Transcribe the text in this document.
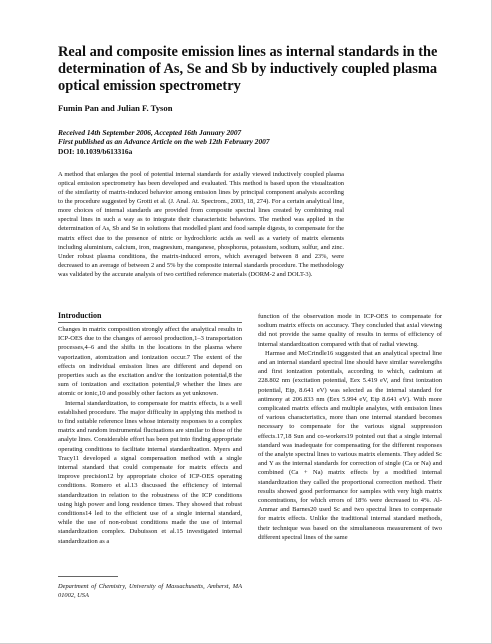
Real and composite emission lines as internal standards in the determination of As, Se and Sb by inductively coupled plasma optical emission spectrometry
Fumin Pan and Julian F. Tyson
Received 14th September 2006, Accepted 16th January 2007
First published as an Advance Article on the web 12th February 2007
DOI: 10.1039/b613316a

A method that enlarges the pool of potential internal standards for axially viewed inductively coupled plasma optical emission spectrometry has been developed and evaluated. This method is based upon the visualization of the similarity of matrix-induced behavior among emission lines by principal component analysis according to the procedure suggested by Grotti et al. (J. Anal. At. Spectrom., 2003, 18, 274). For a certain analytical line, more choices of internal standards are provided from composite spectral lines created by combining real spectral lines in such a way as to integrate their characteristic behaviors. The method was applied in the determination of As, Sb and Se in solutions that modelled plant and food sample digests, to compensate for the matrix effect due to the presence of nitric or hydrochloric acids as well as a variety of matrix elements including aluminium, calcium, iron, magnesium, manganese, phosphorus, potassium, sodium, sulfur, and zinc. Under robust plasma conditions, the matrix-induced errors, which averaged between 8 and 23%, were decreased to an average of between 2 and 5% by the composite internal standards procedure. The methodology was validated by the accurate analysis of two certified reference materials (DORM-2 and DOLT-3).

Introduction

Changes in matrix composition strongly affect the analytical results in ICP-OES due to the changes of aerosol production,1–3 transportation processes,4–6 and the shifts in the locations in the plasma where vaporization, atomization and ionization occur.7 The extent of the effects on individual emission lines are different and depend on properties such as the excitation and/or the ionization potential,8 the sum of ionization and excitation potential,9 whether the lines are atomic or ionic,10 and possibly other factors as yet unknown.

Internal standardization, to compensate for matrix effects, is a well established procedure. The major difficulty in applying this method is to find suitable reference lines whose intensity responses to a complex matrix and random instrumental fluctuations are similar to those of the analyte lines. Considerable effort has been put into finding appropriate operating conditions to facilitate internal standardization. Myers and Tracy11 developed a signal compensation method with a single internal standard that could compensate for matrix effects and improve precision12 by appropriate choice of ICP-OES operating conditions. Romero et al.13 discussed the efficiency of internal standardization in relation to the robustness of the ICP conditions using high power and long residence times. They showed that robust conditions14 led to the efficient use of a single internal standard, while the use of non-robust conditions made the use of internal standardization complex. Dubuisson et al.15 investigated internal standardization as a

function of the observation mode in ICP-OES to compensate for sodium matrix effects on accuracy. They concluded that axial viewing did not provide the same quality of results in terms of efficiency of internal standardization compared with that of radial viewing.

Harmse and McCrindle16 suggested that an analytical spectral line and an internal standard spectral line should have similar wavelengths and first ionization potentials, according to which, cadmium at 228.802 nm (excitation potential, Eex 5.419 eV, and first ionization potential, Eip, 8.641 eV) was selected as the internal standard for antimony at 206.833 nm (Eex 5.994 eV, Eip 8.641 eV). With more complicated matrix effects and multiple analytes, with emission lines of various characteristics, more than one internal standard becomes necessary to compensate for the various signal suppression effects.17,18 Sun and co-workers19 pointed out that a single internal standard was inadequate for compensating for the different responses of the analyte spectral lines to various matrix elements. They added Sc and Y as the internal standards for correction of single (Ca or Na) and combined (Ca + Na) matrix effects by a modified internal standardization they called the proportional correction method. Their results showed good performance for samples with very high matrix concentrations, for which errors of 18% were decreased to 4%. Al-Ammar and Barnes20 used Sc and two spectral lines to compensate for matrix effects. Unlike the traditional internal standard methods, their technique was based on the simultaneous measurement of two different spectral lines of the same

Department of Chemistry, University of Massachusetts, Amherst, MA 01002, USA
